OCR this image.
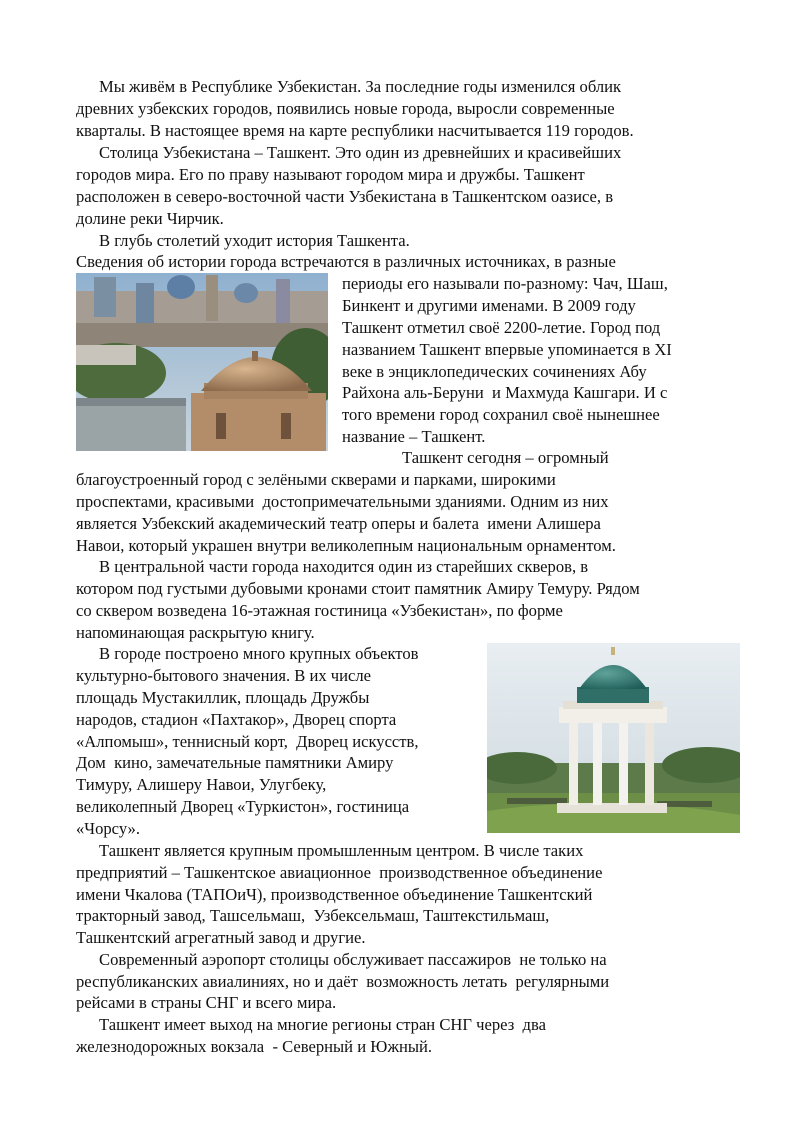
Мы живём в Республике Узбекистан. За последние годы изменился облик
древних узбекских городов, появились новые города, выросли современные
кварталы. В настоящее время на карте республики насчитывается 119 городов.
Столица Узбекистана – Ташкент. Это один из древнейших и красивейших
городов мира. Его по праву называют городом мира и дружбы. Ташкент
расположен в северо-восточной части Узбекистана в Ташкентском оазисе, в
долине реки Чирчик.
В глубь столетий уходит история Ташкента.
Сведения об истории города встречаются в различных источниках, в разные
периоды его называли по-разному: Чач, Шаш,
Бинкент и другими именами. В 2009 году
Ташкент отметил своё 2200-летие. Город под
названием Ташкент впервые упоминается в XI
веке в энциклопедических сочинениях Абу
Райхона аль-Беруни  и Махмуда Кашгари. И с
того времени город сохранил своё нынешнее
название – Ташкент.
Ташкент сегодня – огромный
благоустроенный город с зелёными скверами и парками, широкими
проспектами, красивыми  достопримечательными зданиями. Одним из них
является Узбекский академический театр оперы и балета  имени Алишера
Навои, который украшен внутри великолепным национальным орнаментом.
В центральной части города находится один из старейших скверов, в
котором под густыми дубовыми кронами стоит памятник Амиру Темуру. Рядом
со сквером возведена 16-этажная гостиница «Узбекистан», по форме
напоминающая раскрытую книгу.
В городе построено много крупных объектов
культурно-бытового значения. В их числе
площадь Мустакиллик, площадь Дружбы
народов, стадион «Пахтакор», Дворец спорта
«Алпомыш», теннисный корт,  Дворец искусств,
Дом  кино, замечательные памятники Амиру
Тимуру, Алишеру Навои, Улугбеку,
великолепный Дворец «Туркистон», гостиница
«Чорсу».
Ташкент является крупным промышленным центром. В числе таких
предприятий – Ташкентское авиационное  производственное объединение
имени Чкалова (ТАПОиЧ), производственное объединение Ташкентский
тракторный завод, Ташсельмаш,  Узбексельмаш, Таштекстильмаш,
Ташкентский агрегатный завод и другие.
Современный аэропорт столицы обслуживает пассажиров  не только на
республиканских авиалиниях, но и даёт  возможность летать  регулярными
рейсами в страны СНГ и всего мира.
Ташкент имеет выход на многие регионы стран СНГ через  два
железнодорожных вокзала  - Северный и Южный.
